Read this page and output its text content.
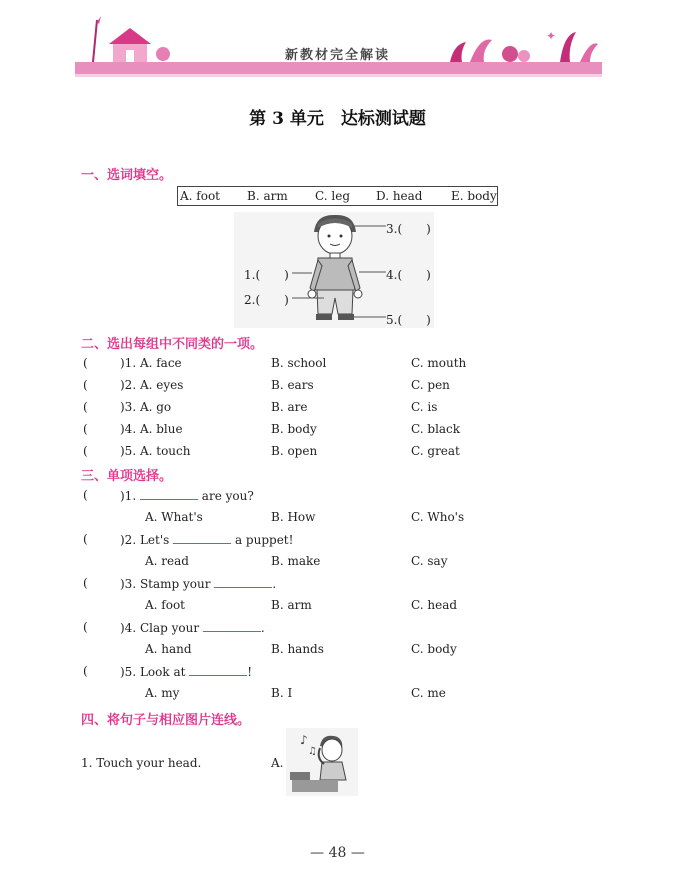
✦
新教材完全解读
第 3 单元　达标测试题
一、选词填空。
A. foot B. arm C. leg D. head E. body
3.(　　)
1.(　　)	4.(　　)
2.(　　)
5.(　　)
二、选出每组中不同类的一项。
(	)1. A. face	B. school	C. mouth
(	)2. A. eyes	B. ears	C. pen
(	)3. A. go	B. are	C. is
(	)4. A. blue	B. body	C. black
(	)5. A. touch	B. open	C. great
三、单项选择。
(	)1.	are you?
A. What's	B. How	C. Who's
(	)2. Let's	a puppet!
A. read	B. make	C. say
(	)3. Stamp your	.
A. foot	B. arm	C. head
(	)4. Clap your	.
A. hand	B. hands	C. body
(	)5. Look at	!
A. my	B. I	C. me
四、将句子与相应图片连线。
1. Touch your head.	A.
♪
♫
— 48 —
